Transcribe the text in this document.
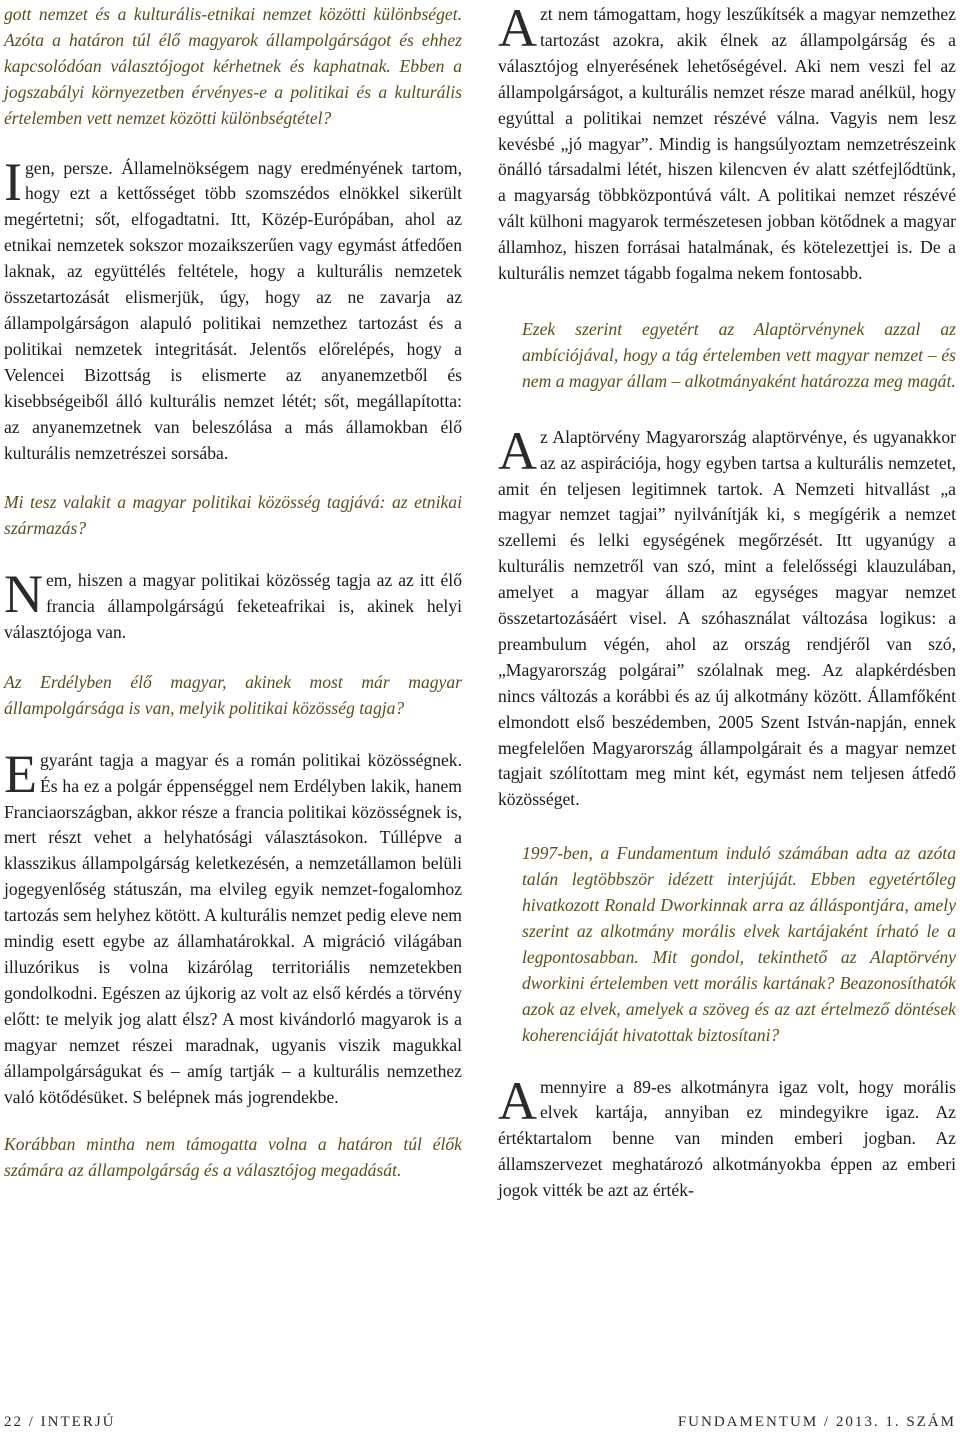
gott nemzet és a kulturális-etnikai nemzet közötti különbséget. Azóta a határon túl élő magyarok állampolgárságot és ehhez kapcsolódóan választójogot kérhetnek és kaphatnak. Ebben a jogszabályi környezetben érvényes-e a politikai és a kulturális értelemben vett nemzet közötti különbségtétel?

Igen, persze. Államelnökségem nagy eredményének tartom, hogy ezt a kettősséget több szomszédos elnökkel sikerült megértetni; sőt, elfogadtatni. Itt, Közép-Európában, ahol az etnikai nemzetek sokszor mozaikszerűen vagy egymást átfedően laknak, az együttélés feltétele, hogy a kulturális nemzetek összetartozását elismerjük, úgy, hogy az ne zavarja az állampolgárságon alapuló politikai nemzethez tartozást és a politikai nemzetek integritását. Jelentős előrelépés, hogy a Velencei Bizottság is elismerte az anyanemzetből és kisebbségeiből álló kulturális nemzet létét; sőt, megállapította: az anyanemzetnek van beleszólása a más államokban élő kulturális nemzetrészei sorsába.

Mi tesz valakit a magyar politikai közösség tagjává: az etnikai származás?

Nem, hiszen a magyar politikai közösség tagja az az itt élő francia állampolgárságú feketeafrikai is, akinek helyi választójoga van.

Az Erdélyben élő magyar, akinek most már magyar állampolgársága is van, melyik politikai közösség tagja?

Egyaránt tagja a magyar és a román politikai közösségnek. És ha ez a polgár éppenséggel nem Erdélyben lakik, hanem Franciaországban, akkor része a francia politikai közösségnek is, mert részt vehet a helyhatósági választásokon. Túllépve a klasszikus állampolgárság keletkezésén, a nemzetállamon belüli jogegyenlőség státuszán, ma elvileg egyik nemzet-fogalomhoz tartozás sem helyhez kötött. A kulturális nemzet pedig eleve nem mindig esett egybe az államhatárokkal. A migráció világában illuzórikus is volna kizárólag territoriális nemzetekben gondolkodni. Egészen az újkorig az volt az első kérdés a törvény előtt: te melyik jog alatt élsz? A most kivándorló magyarok is a magyar nemzet részei maradnak, ugyanis viszik magukkal állampolgárságukat és – amíg tartják – a kulturális nemzethez való kötődésüket. S belépnek más jogrendekbe.

Korábban mintha nem támogatta volna a határon túl élők számára az állampolgárság és a választójog megadását.

Azt nem támogattam, hogy leszűkítsék a magyar nemzethez tartozást azokra, akik élnek az állampolgárság és a választójog elnyerésének lehetőségével. Aki nem veszi fel az állampolgárságot, a kulturális nemzet része marad anélkül, hogy egyúttal a politikai nemzet részévé válna. Vagyis nem lesz kevésbé „jó magyar”. Mindig is hangsúlyoztam nemzetrészeink önálló társadalmi létét, hiszen kilencven év alatt szétfejlődtünk, a magyarság többközpontúvá vált. A politikai nemzet részévé vált külhoni magyarok természetesen jobban kötődnek a magyar államhoz, hiszen forrásai hatalmának, és kötelezettjei is. De a kulturális nemzet tágabb fogalma nekem fontosabb.

Ezek szerint egyetért az Alaptörvénynek azzal az ambíciójával, hogy a tág értelemben vett magyar nemzet – és nem a magyar állam – alkotmányaként határozza meg magát.

Az Alaptörvény Magyarország alaptörvénye, és ugyanakkor az az aspirációja, hogy egyben tartsa a kulturális nemzetet, amit én teljesen legitimnek tartok. A Nemzeti hitvallást „a magyar nemzet tagjai” nyilvánítják ki, s megígérik a nemzet szellemi és lelki egységének megőrzését. Itt ugyanúgy a kulturális nemzetről van szó, mint a felelősségi klauzulában, amelyet a magyar állam az egységes magyar nemzet összetartozásáért visel. A szóhasználat változása logikus: a preambulum végén, ahol az ország rendjéről van szó, „Magyarország polgárai” szólalnak meg. Az alapkérdésben nincs változás a korábbi és az új alkotmány között. Államfőként elmondott első beszédemben, 2005 Szent István-napján, ennek megfelelően Magyarország állampolgárait és a magyar nemzet tagjait szólítottam meg mint két, egymást nem teljesen átfedő közösséget.

1997-ben, a Fundamentum induló számában adta az azóta talán legtöbbször idézett interjúját. Ebben egyetértőleg hivatkozott Ronald Dworkinnak arra az álláspontjára, amely szerint az alkotmány morális elvek kartájaként írható le a legpontosabban. Mit gondol, tekinthető az Alaptörvény dworkini értelemben vett morális kartának? Beazonosíthatók azok az elvek, amelyek a szöveg és az azt értelmező döntések koherenciáját hivatottak biztosítani?

Amennyire a 89-es alkotmányra igaz volt, hogy morális elvek kartája, annyiban ez mindegyikre igaz. Az értéktartalom benne van minden emberi jogban. Az államszervezet meghatározó alkotmányokba éppen az emberi jogok vitték be azt az érték-

22 / INTERJÚ	FUNDAMENTUM / 2013. 1. SZÁM
